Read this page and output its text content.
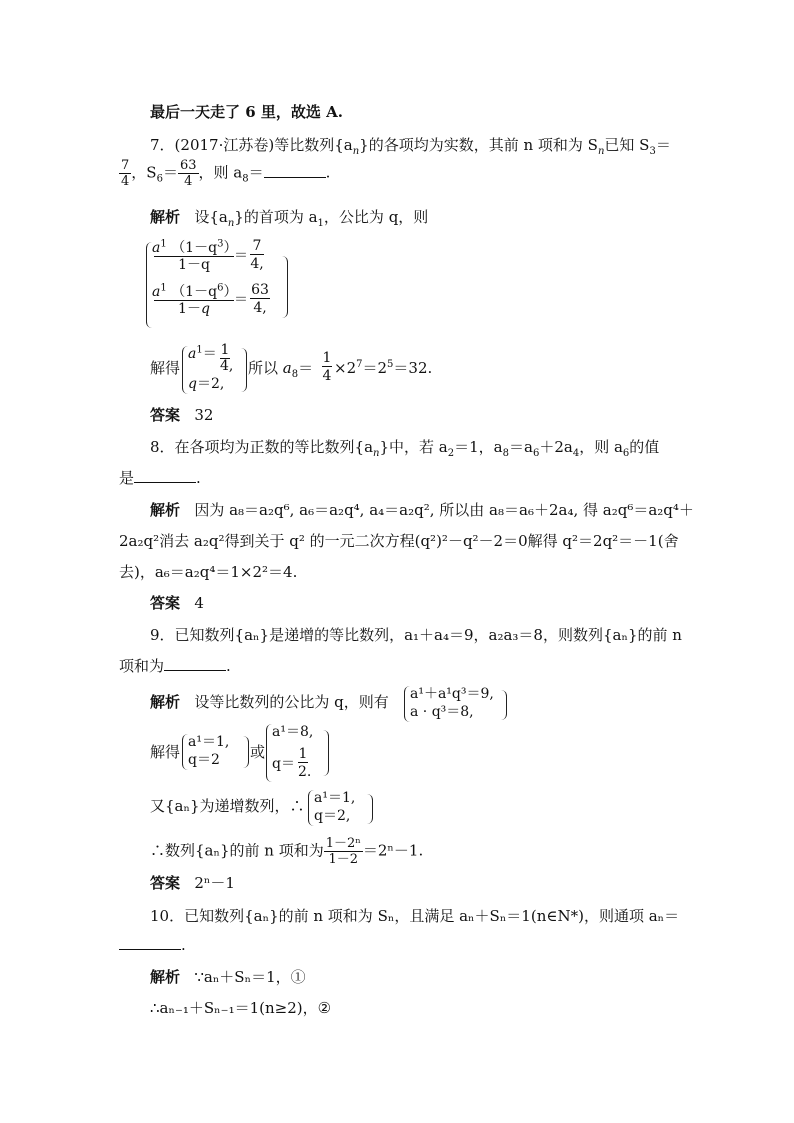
最后一天走了 6 里，故选 A.
7．(2017·江苏卷)等比数列$\{a_n\}$的各项均为实数，其前 n 项和为 $S_n$已知 $S_3=$
$\frac{7}{4}$ ，$S_6= \frac{63}{4}$ ，则 $a_8=$	.
解析 设$\{a_n\}$的首项为 $a_1$，公比为 q，则
$a^1$ $(1-q^3)$
1－q
＝
7
4,
$a^1$ $(1-q^6)$
1－q
＝
63
4,
解得
$a^1= 1$
4,
q＝2,
所以 $a_8=$
1
$4 \times 2^7=2^5=32$.
答案 32
8．在各项均为正数的等比数列$\{a_n\}$中，若 $a_2=1$，$a_8=a_6+2a_4$，则 $a_6$的值
是	.
解析 因为 a₈＝a₂q⁶, a₆＝a₂q⁴, a₄＝a₂q², 所以由 a₈＝a₆＋2a₄, 得 a₂q⁶＝a₂q⁴＋
2a₂q²消去 a₂q²得到关于 q² 的一元二次方程(q²)²－q²－2＝0解得 q²＝2q²＝－1(舍
去)，a₆＝a₂q⁴＝1×2²＝4.
答案 4
9．已知数列{aₙ}是递增的等比数列，a₁＋a₄＝9，a₂a₃＝8，则数列{aₙ}的前 n
项和为	.
解析 设等比数列的公比为 q，则有 a¹＋a¹q³＝9,
a · q³＝8,
解得
a¹＝1,
q＝2 或
a¹＝8,
q＝
1
2.
又{aₙ}为递增数列，∴ a¹＝1,
q＝2,
∴数列{aₙ}的前 n 项和为 $\frac{\text{1－2ⁿ}}{1-2} =2^n-1$.
答案 2ⁿ－1
10．已知数列{aₙ}的前 n 项和为 Sₙ，且满足 aₙ＋Sₙ＝1(n∈N*)，则通项 aₙ＝
.
解析 ∵aₙ＋Sₙ＝1，①
∴aₙ₋₁＋Sₙ₋₁＝1(n≥2)，②
